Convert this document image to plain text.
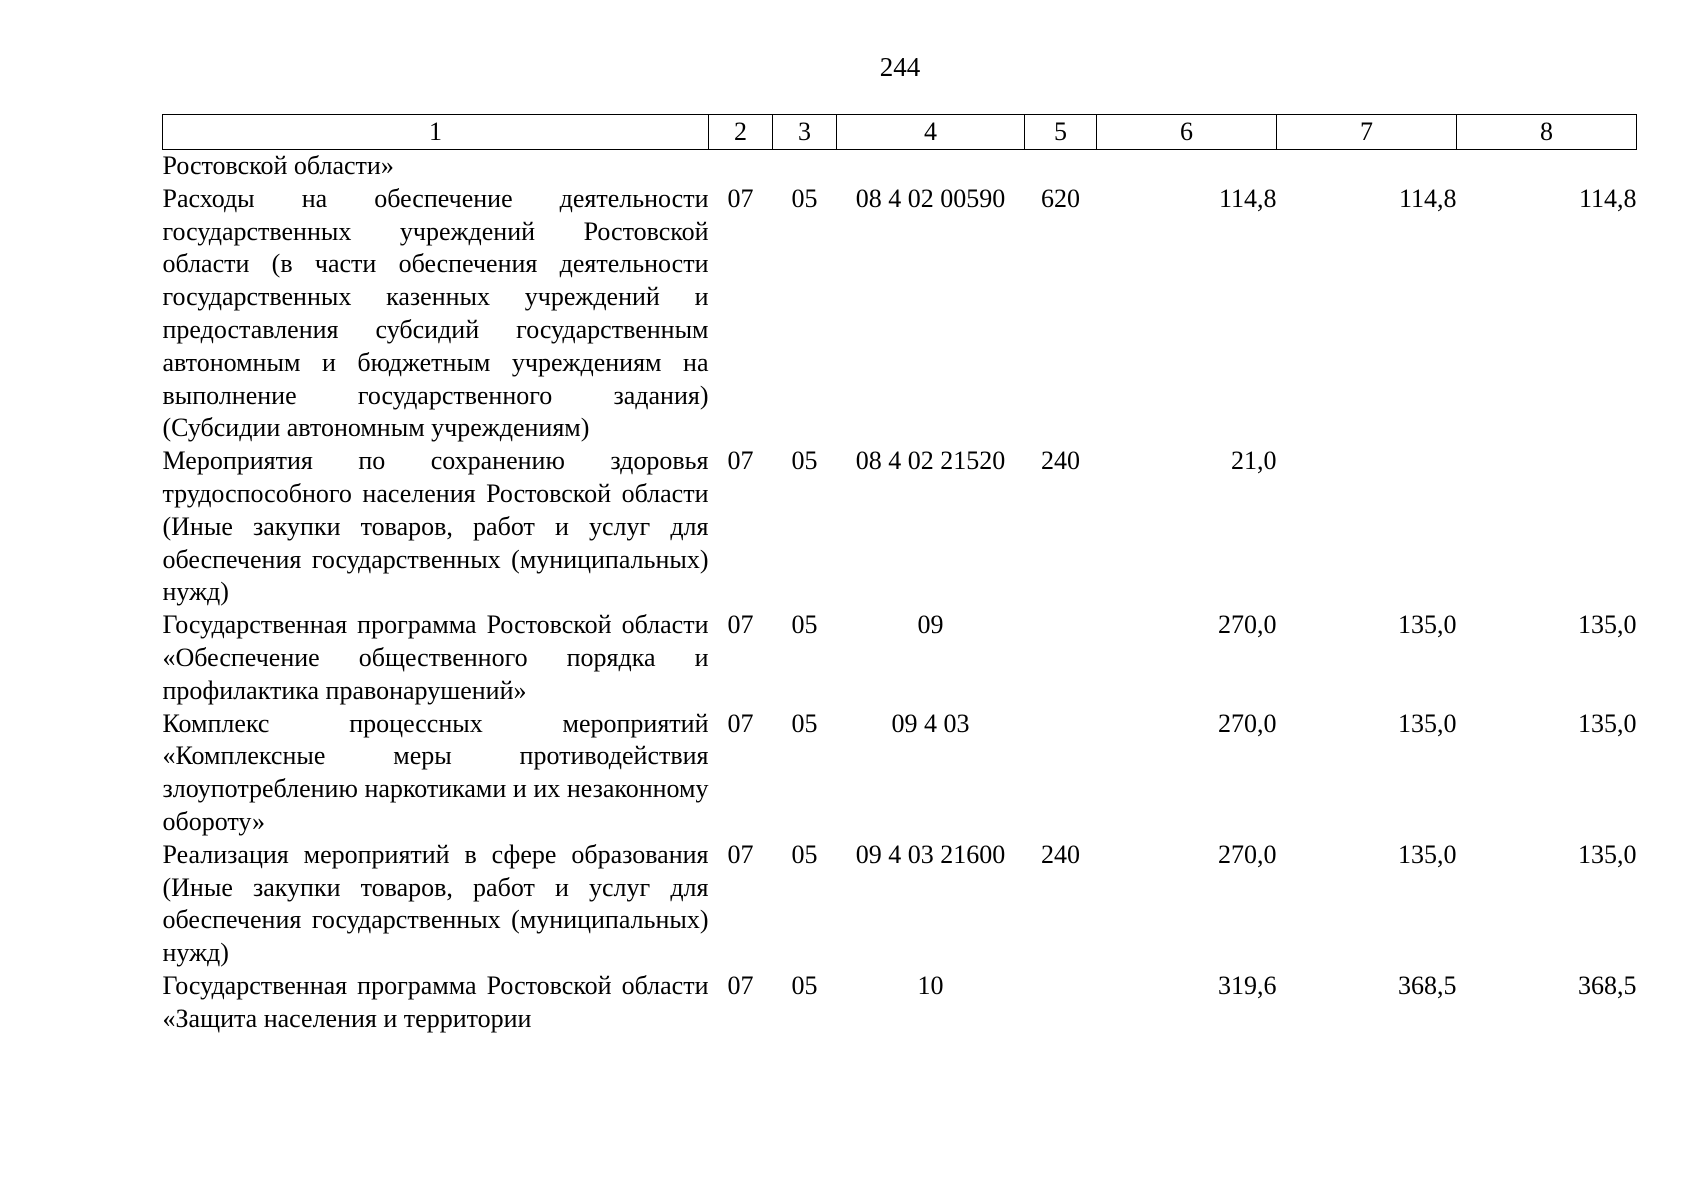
244
1	2	3	4	5	6	7	8
Ростовской области»							
Расходы на обеспечение деятельности государственных учреждений Ростовской области (в части обеспечения деятельности государственных казенных учреждений и предоставления субсидий государственным автономным и бюджетным учреждениям на выполнение государственного задания) (Субсидии автономным учреждениям)	07	05	08 4 02 00590	620	114,8	114,8	114,8
Мероприятия по сохранению здоровья трудоспособного населения Ростовской области (Иные закупки товаров, работ и услуг для обеспечения государственных (муниципальных) нужд)	07	05	08 4 02 21520	240	21,0		
Государственная программа Ростовской области «Обеспечение общественного порядка и профилактика правонарушений»	07	05	09		270,0	135,0	135,0
Комплекс процессных мероприятий «Комплексные меры противодействия злоупотреблению наркотиками и их незаконному обороту»	07	05	09 4 03		270,0	135,0	135,0
Реализация мероприятий в сфере образования (Иные закупки товаров, работ и услуг для обеспечения государственных (муниципальных) нужд)	07	05	09 4 03 21600	240	270,0	135,0	135,0
Государственная программа Ростовской области «Защита населения и территории	07	05	10		319,6	368,5	368,5
